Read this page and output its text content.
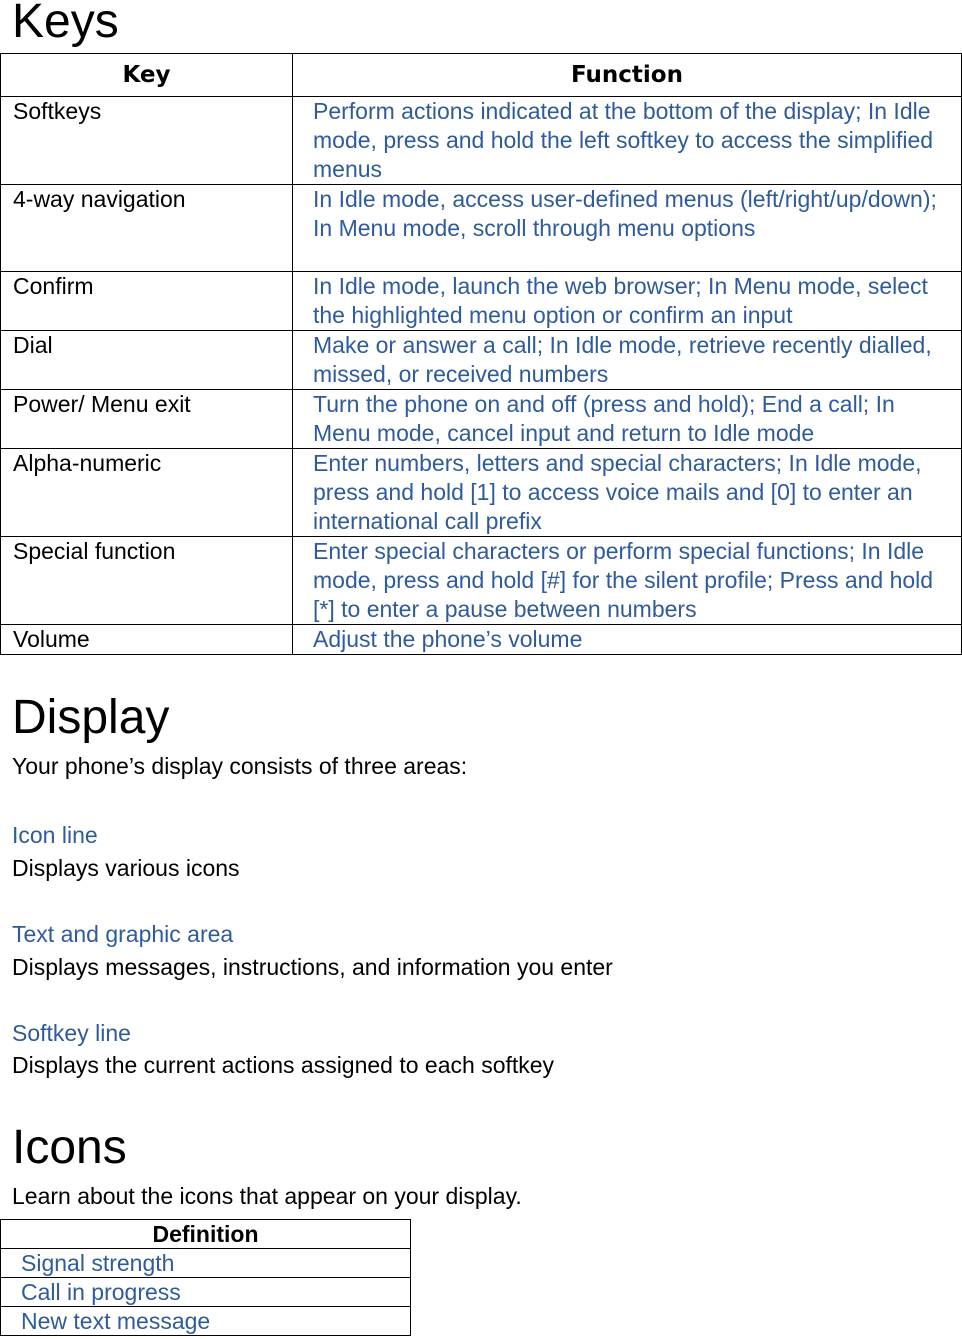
Keys
Key	Function
Softkeys	Perform actions indicated at the bottom of the display; In Idle mode, press and hold the left softkey to access the simplified menus
4-way navigation	In Idle mode, access user-defined menus (left/right/up/down); In Menu mode, scroll through menu options
Confirm	In Idle mode, launch the web browser; In Menu mode, select the highlighted menu option or confirm an input
Dial	Make or answer a call; In Idle mode, retrieve recently dialled, missed, or received numbers
Power/ Menu exit	Turn the phone on and off (press and hold); End a call; In Menu mode, cancel input and return to Idle mode
Alpha-numeric	Enter numbers, letters and special characters; In Idle mode, press and hold [1] to access voice mails and [0] to enter an international call prefix
Special function	Enter special characters or perform special functions; In Idle mode, press and hold [#] for the silent profile; Press and hold [*] to enter a pause between numbers
Volume	Adjust the phone’s volume
Display

Your phone’s display consists of three areas:

Icon line

Displays various icons

Text and graphic area

Displays messages, instructions, and information you enter

Softkey line

Displays the current actions assigned to each softkey

Icons

Learn about the icons that appear on your display.

Definition
Signal strength
Call in progress
New text message
